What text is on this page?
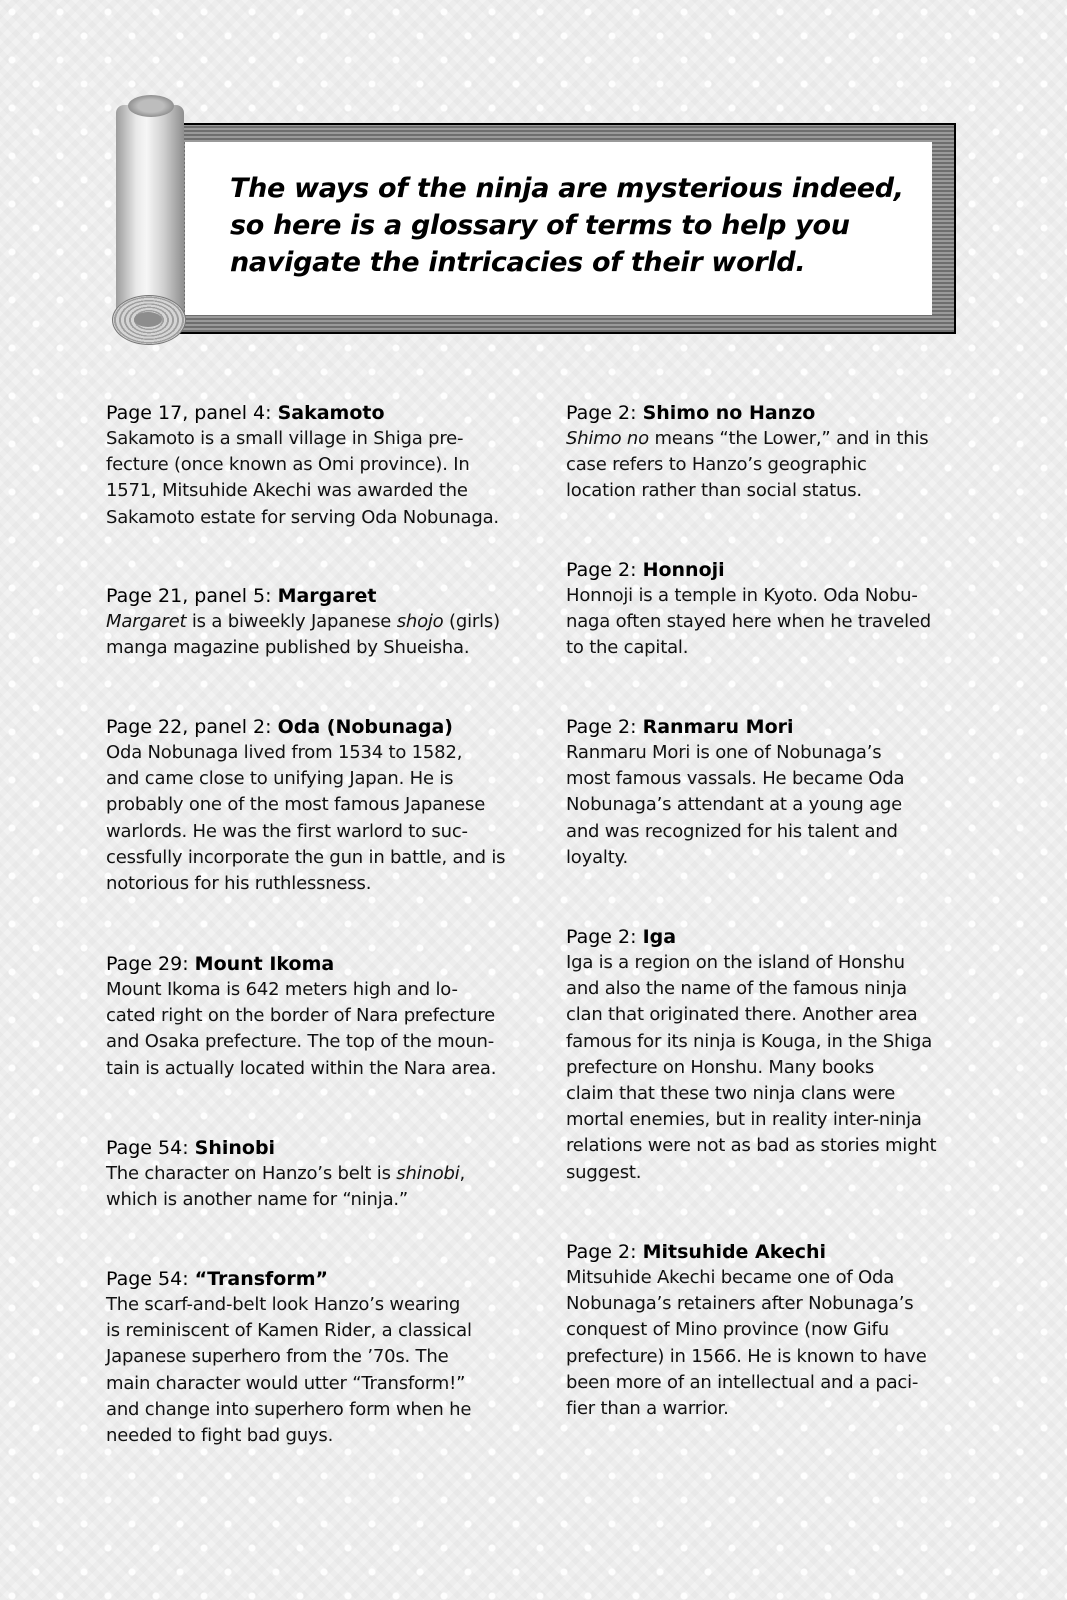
The ways of the ninja are mysterious indeed,
so here is a glossary of terms to help you
navigate the intricacies of their world.

Page 17, panel 4: Sakamoto

Sakamoto is a small village in Shiga pre-
fecture (once known as Omi province). In
1571, Mitsuhide Akechi was awarded the
Sakamoto estate for serving Oda Nobunaga.

Page 21, panel 5: Margaret

Margaret is a biweekly Japanese shojo (girls)
manga magazine published by Shueisha.

Page 22, panel 2: Oda (Nobunaga)

Oda Nobunaga lived from 1534 to 1582,
and came close to unifying Japan. He is
probably one of the most famous Japanese
warlords. He was the first warlord to suc-
cessfully incorporate the gun in battle, and is
notorious for his ruthlessness.

Page 29: Mount Ikoma

Mount Ikoma is 642 meters high and lo-
cated right on the border of Nara prefecture
and Osaka prefecture. The top of the moun-
tain is actually located within the Nara area.

Page 54: Shinobi

The character on Hanzo’s belt is shinobi,
which is another name for “ninja.”

Page 54: “Transform”

The scarf-and-belt look Hanzo’s wearing
is reminiscent of Kamen Rider, a classical
Japanese superhero from the ’70s. The
main character would utter “Transform!”
and change into superhero form when he
needed to fight bad guys.

Page 2: Shimo no Hanzo

Shimo no means “the Lower,” and in this
case refers to Hanzo’s geographic
location rather than social status.

Page 2: Honnoji

Honnoji is a temple in Kyoto. Oda Nobu-
naga often stayed here when he traveled
to the capital.

Page 2: Ranmaru Mori

Ranmaru Mori is one of Nobunaga’s
most famous vassals. He became Oda
Nobunaga’s attendant at a young age
and was recognized for his talent and
loyalty.

Page 2: Iga

Iga is a region on the island of Honshu
and also the name of the famous ninja
clan that originated there. Another area
famous for its ninja is Kouga, in the Shiga
prefecture on Honshu. Many books
claim that these two ninja clans were
mortal enemies, but in reality inter-ninja
relations were not as bad as stories might
suggest.

Page 2: Mitsuhide Akechi

Mitsuhide Akechi became one of Oda
Nobunaga’s retainers after Nobunaga’s
conquest of Mino province (now Gifu
prefecture) in 1566. He is known to have
been more of an intellectual and a paci-
fier than a warrior.
